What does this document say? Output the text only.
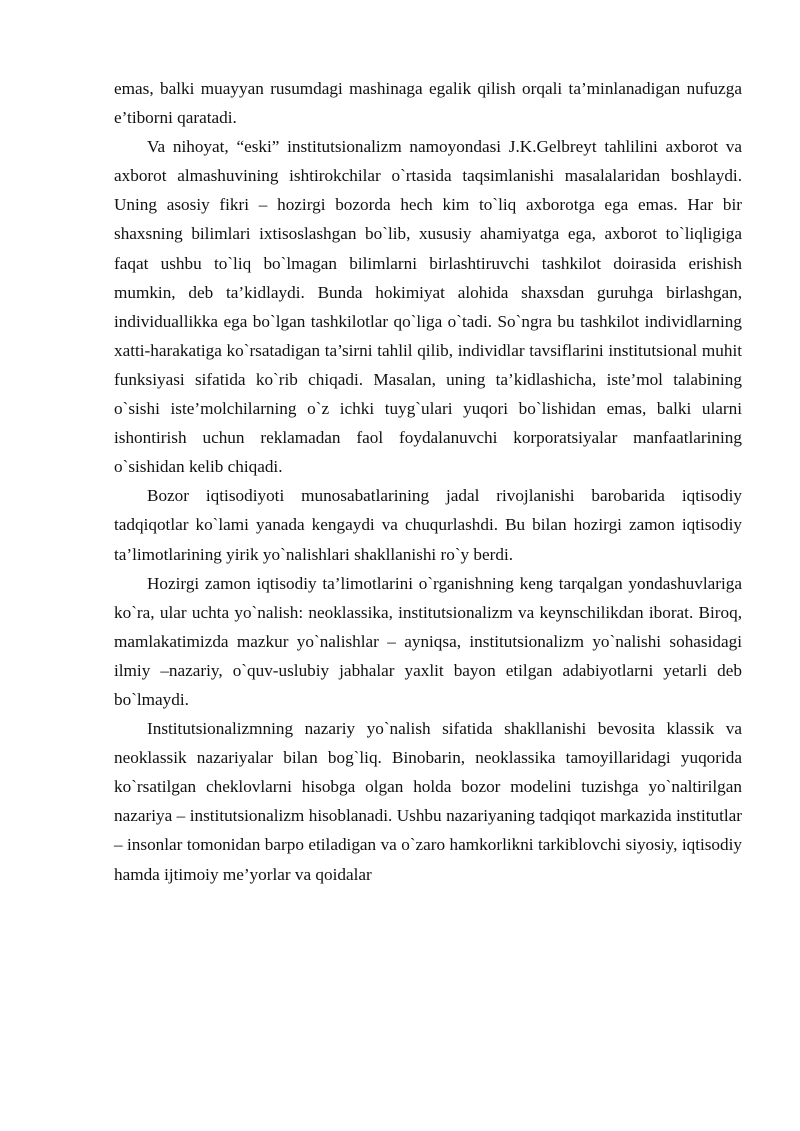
emas, balki muayyan rusumdagi mashinaga egalik qilish orqali ta’minlanadigan nufuzga e’tiborni qaratadi.

Va nihoyat, “eski” institutsionalizm namoyondasi J.K.Gelbreyt tahlilini axborot va axborot almashuvining ishtirokchilar o`rtasida taqsimlanishi masalalaridan boshlaydi. Uning asosiy fikri – hozirgi bozorda hech kim to`liq axborotga ega emas. Har bir shaxsning bilimlari ixtisoslashgan bo`lib, xususiy ahamiyatga ega, axborot to`liqligiga faqat ushbu to`liq bo`lmagan bilimlarni birlashtiruvchi tashkilot doirasida erishish mumkin, deb ta’kidlaydi. Bunda hokimiyat alohida shaxsdan guruhga birlashgan, individuallikka ega bo`lgan tashkilotlar qo`liga o`tadi. So`ngra bu tashkilot individlarning xatti-harakatiga ko`rsatadigan ta’sirni tahlil qilib, individlar tavsiflarini institutsional muhit funksiyasi sifatida ko`rib chiqadi. Masalan, uning ta’kidlashicha, iste’mol talabining o`sishi iste’molchilarning o`z ichki tuyg`ulari yuqori bo`lishidan emas, balki ularni ishontirish uchun reklamadan faol foydalanuvchi korporatsiyalar manfaatlarining o`sishidan kelib chiqadi.

Bozor iqtisodiyoti munosabatlarining jadal rivojlanishi barobarida iqtisodiy tadqiqotlar ko`lami yanada kengaydi va chuqurlashdi. Bu bilan hozirgi zamon iqtisodiy ta’limotlarining yirik yo`nalishlari shakllanishi ro`y berdi.

Hozirgi zamon iqtisodiy ta’limotlarini o`rganishning keng tarqalgan yondashuvlariga ko`ra, ular uchta yo`nalish: neoklassika, institutsionalizm va keynschilikdan iborat. Biroq, mamlakatimizda mazkur yo`nalishlar – ayniqsa, institutsionalizm yo`nalishi sohasidagi ilmiy –nazariy, o`quv-uslubiy jabhalar yaxlit bayon etilgan adabiyotlarni yetarli deb bo`lmaydi.

Institutsionalizmning nazariy yo`nalish sifatida shakllanishi bevosita klassik va neoklassik nazariyalar bilan bog`liq. Binobarin, neoklassika tamoyillaridagi yuqorida ko`rsatilgan cheklovlarni hisobga olgan holda bozor modelini tuzishga yo`naltirilgan nazariya – institutsionalizm hisoblanadi. Ushbu nazariyaning tadqiqot markazida institutlar – insonlar tomonidan barpo etiladigan va o`zaro hamkorlikni tarkiblovchi siyosiy, iqtisodiy hamda ijtimoiy me’yorlar va qoidalar
